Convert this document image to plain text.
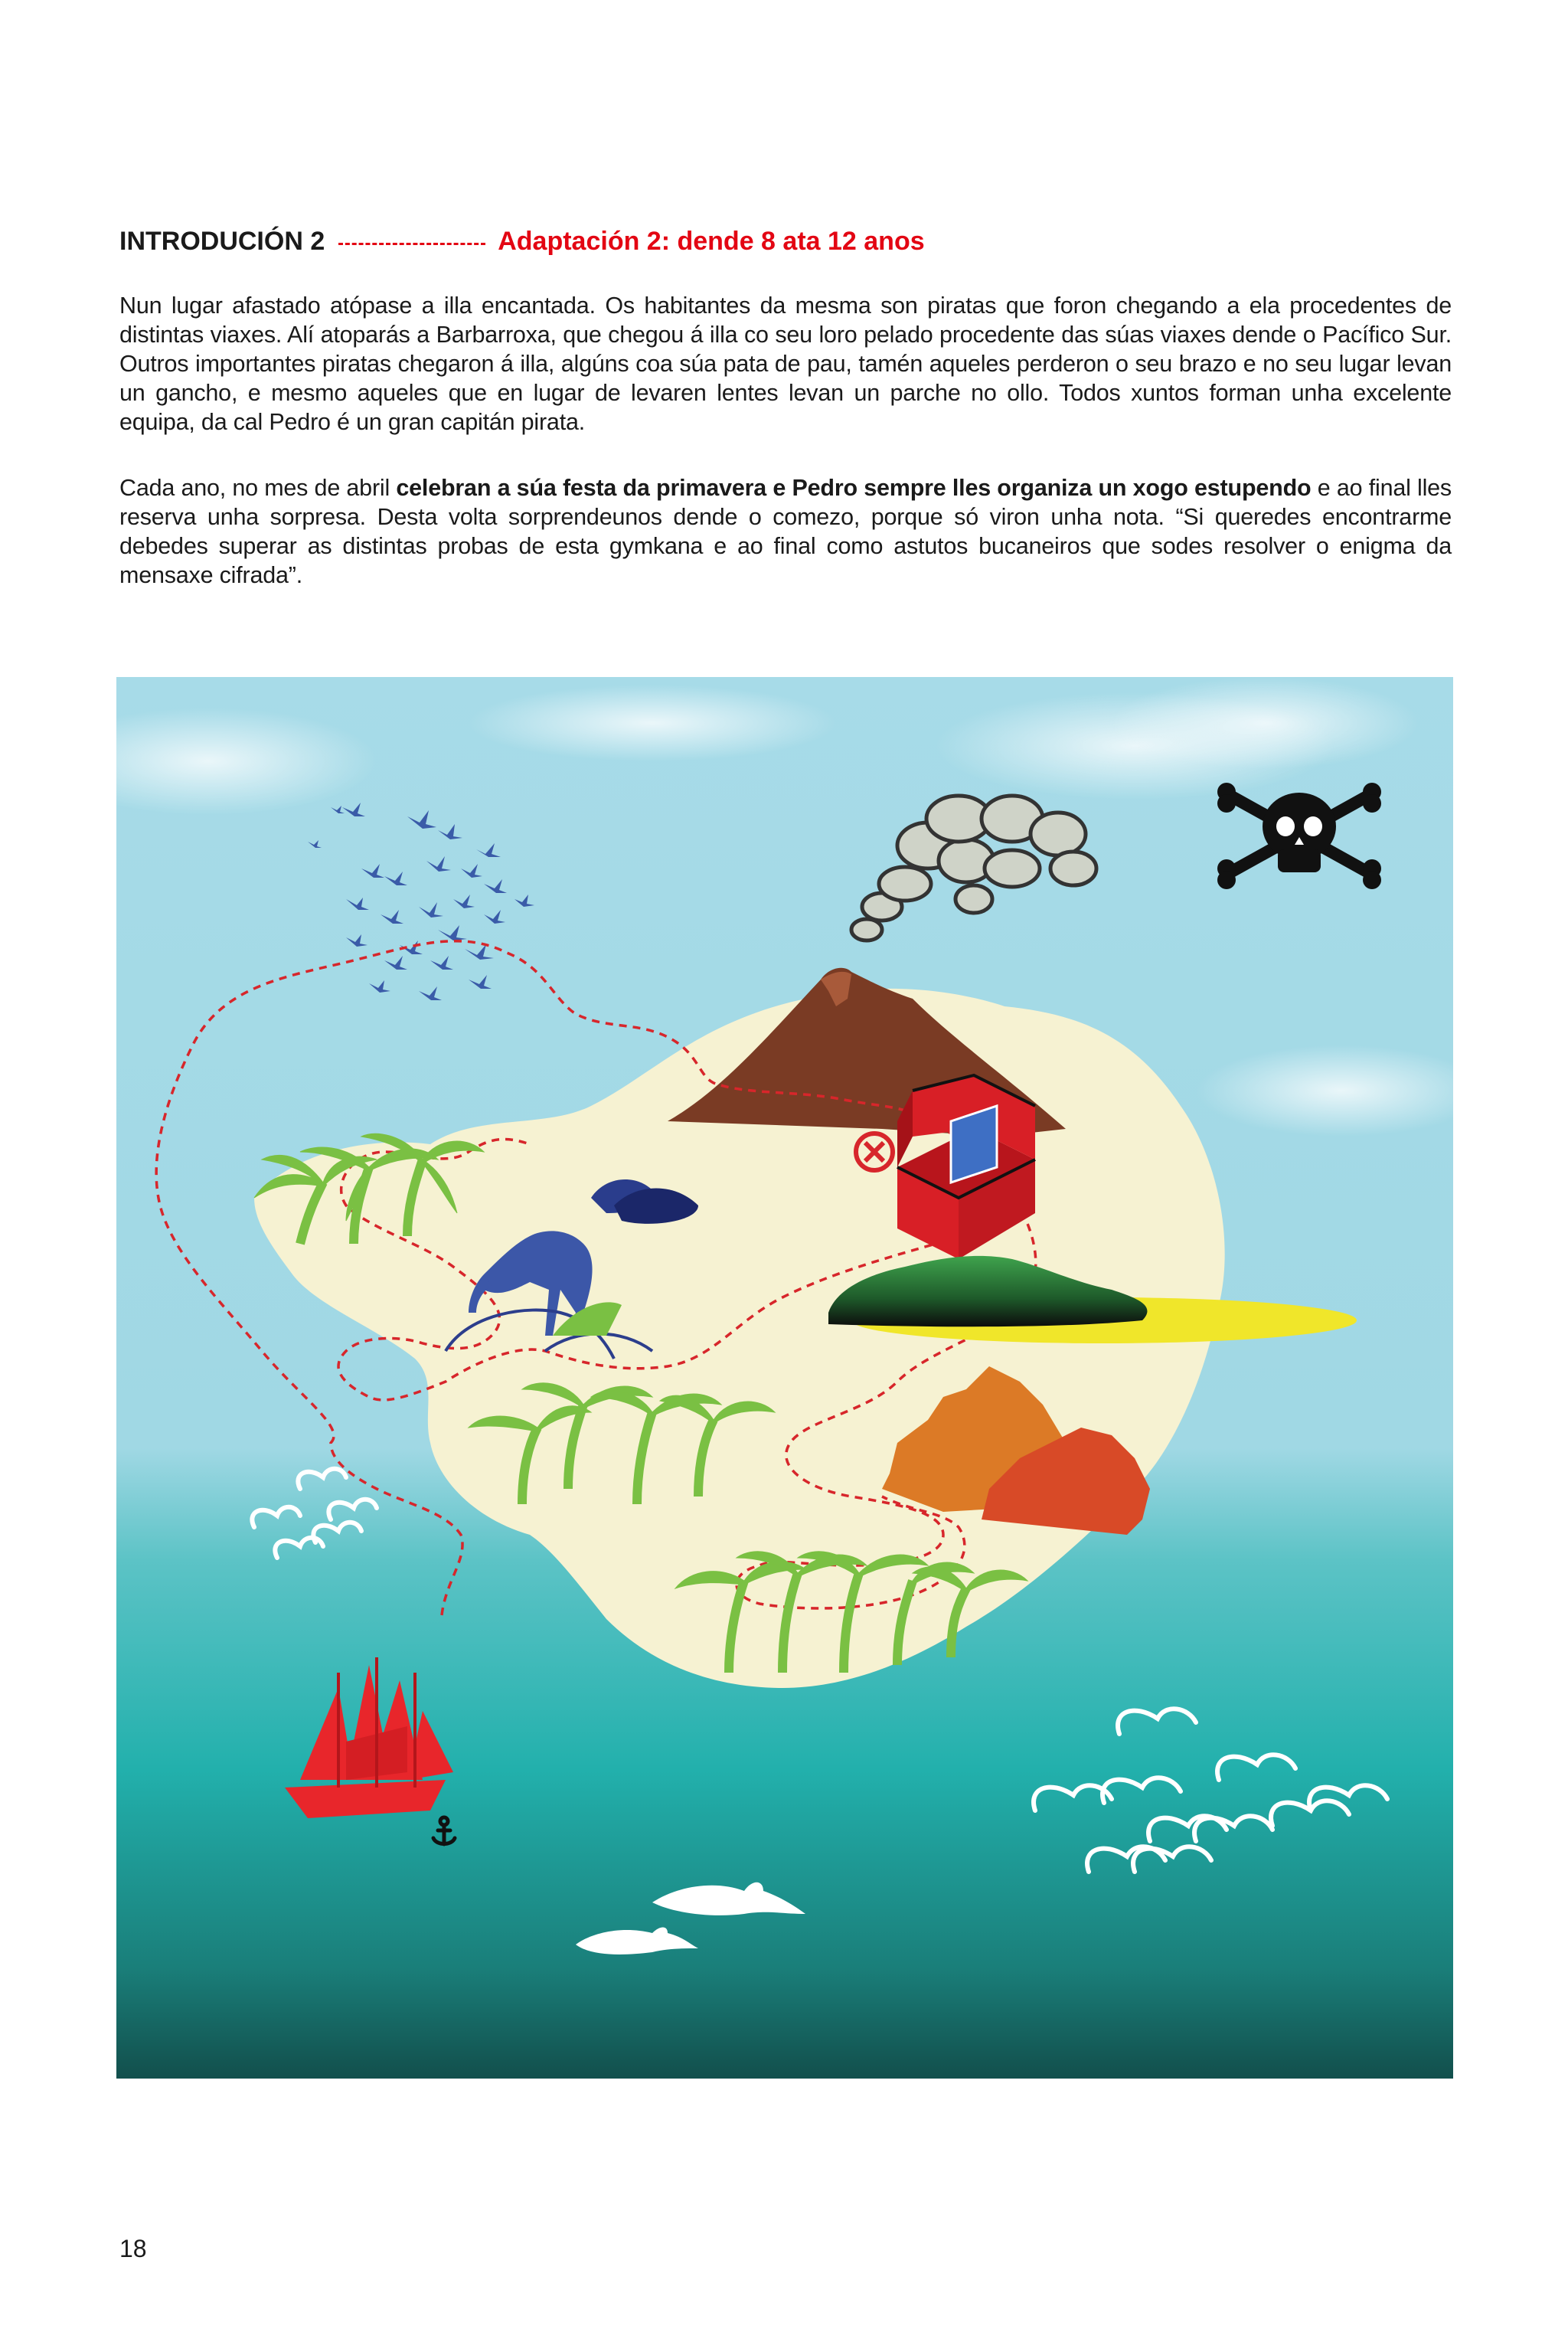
INTRODUCIÓN 2	Adaptación 2: dende 8 ata 12 anos

Nun lugar afastado atópase a illa encantada. Os habitantes da mesma son piratas que foron chegando a ela procedentes de distintas viaxes. Alí atoparás a Barbarroxa, que chegou á illa co seu loro pelado procedente das súas viaxes dende o Pacífico Sur. Outros importantes piratas chegaron á illa, algúns coa súa pata de pau, tamén aqueles perderon o seu brazo e no seu lugar levan un gancho, e mesmo aqueles que en lugar de levaren lentes levan un parche no ollo. Todos xuntos forman unha excelente equipa, da cal Pedro é un gran capitán pirata.

Cada ano, no mes de abril celebran a súa festa da primavera e Pedro sempre lles organiza un xogo estupendo e ao final lles reserva unha sorpresa. Desta volta sorprendeunos dende o comezo, porque só viron unha nota. “Si queredes encontrarme debedes superar as distintas probas de esta gymkana e ao final como astutos bucaneiros que sodes resolver o enigma da mensaxe cifrada”.

18
